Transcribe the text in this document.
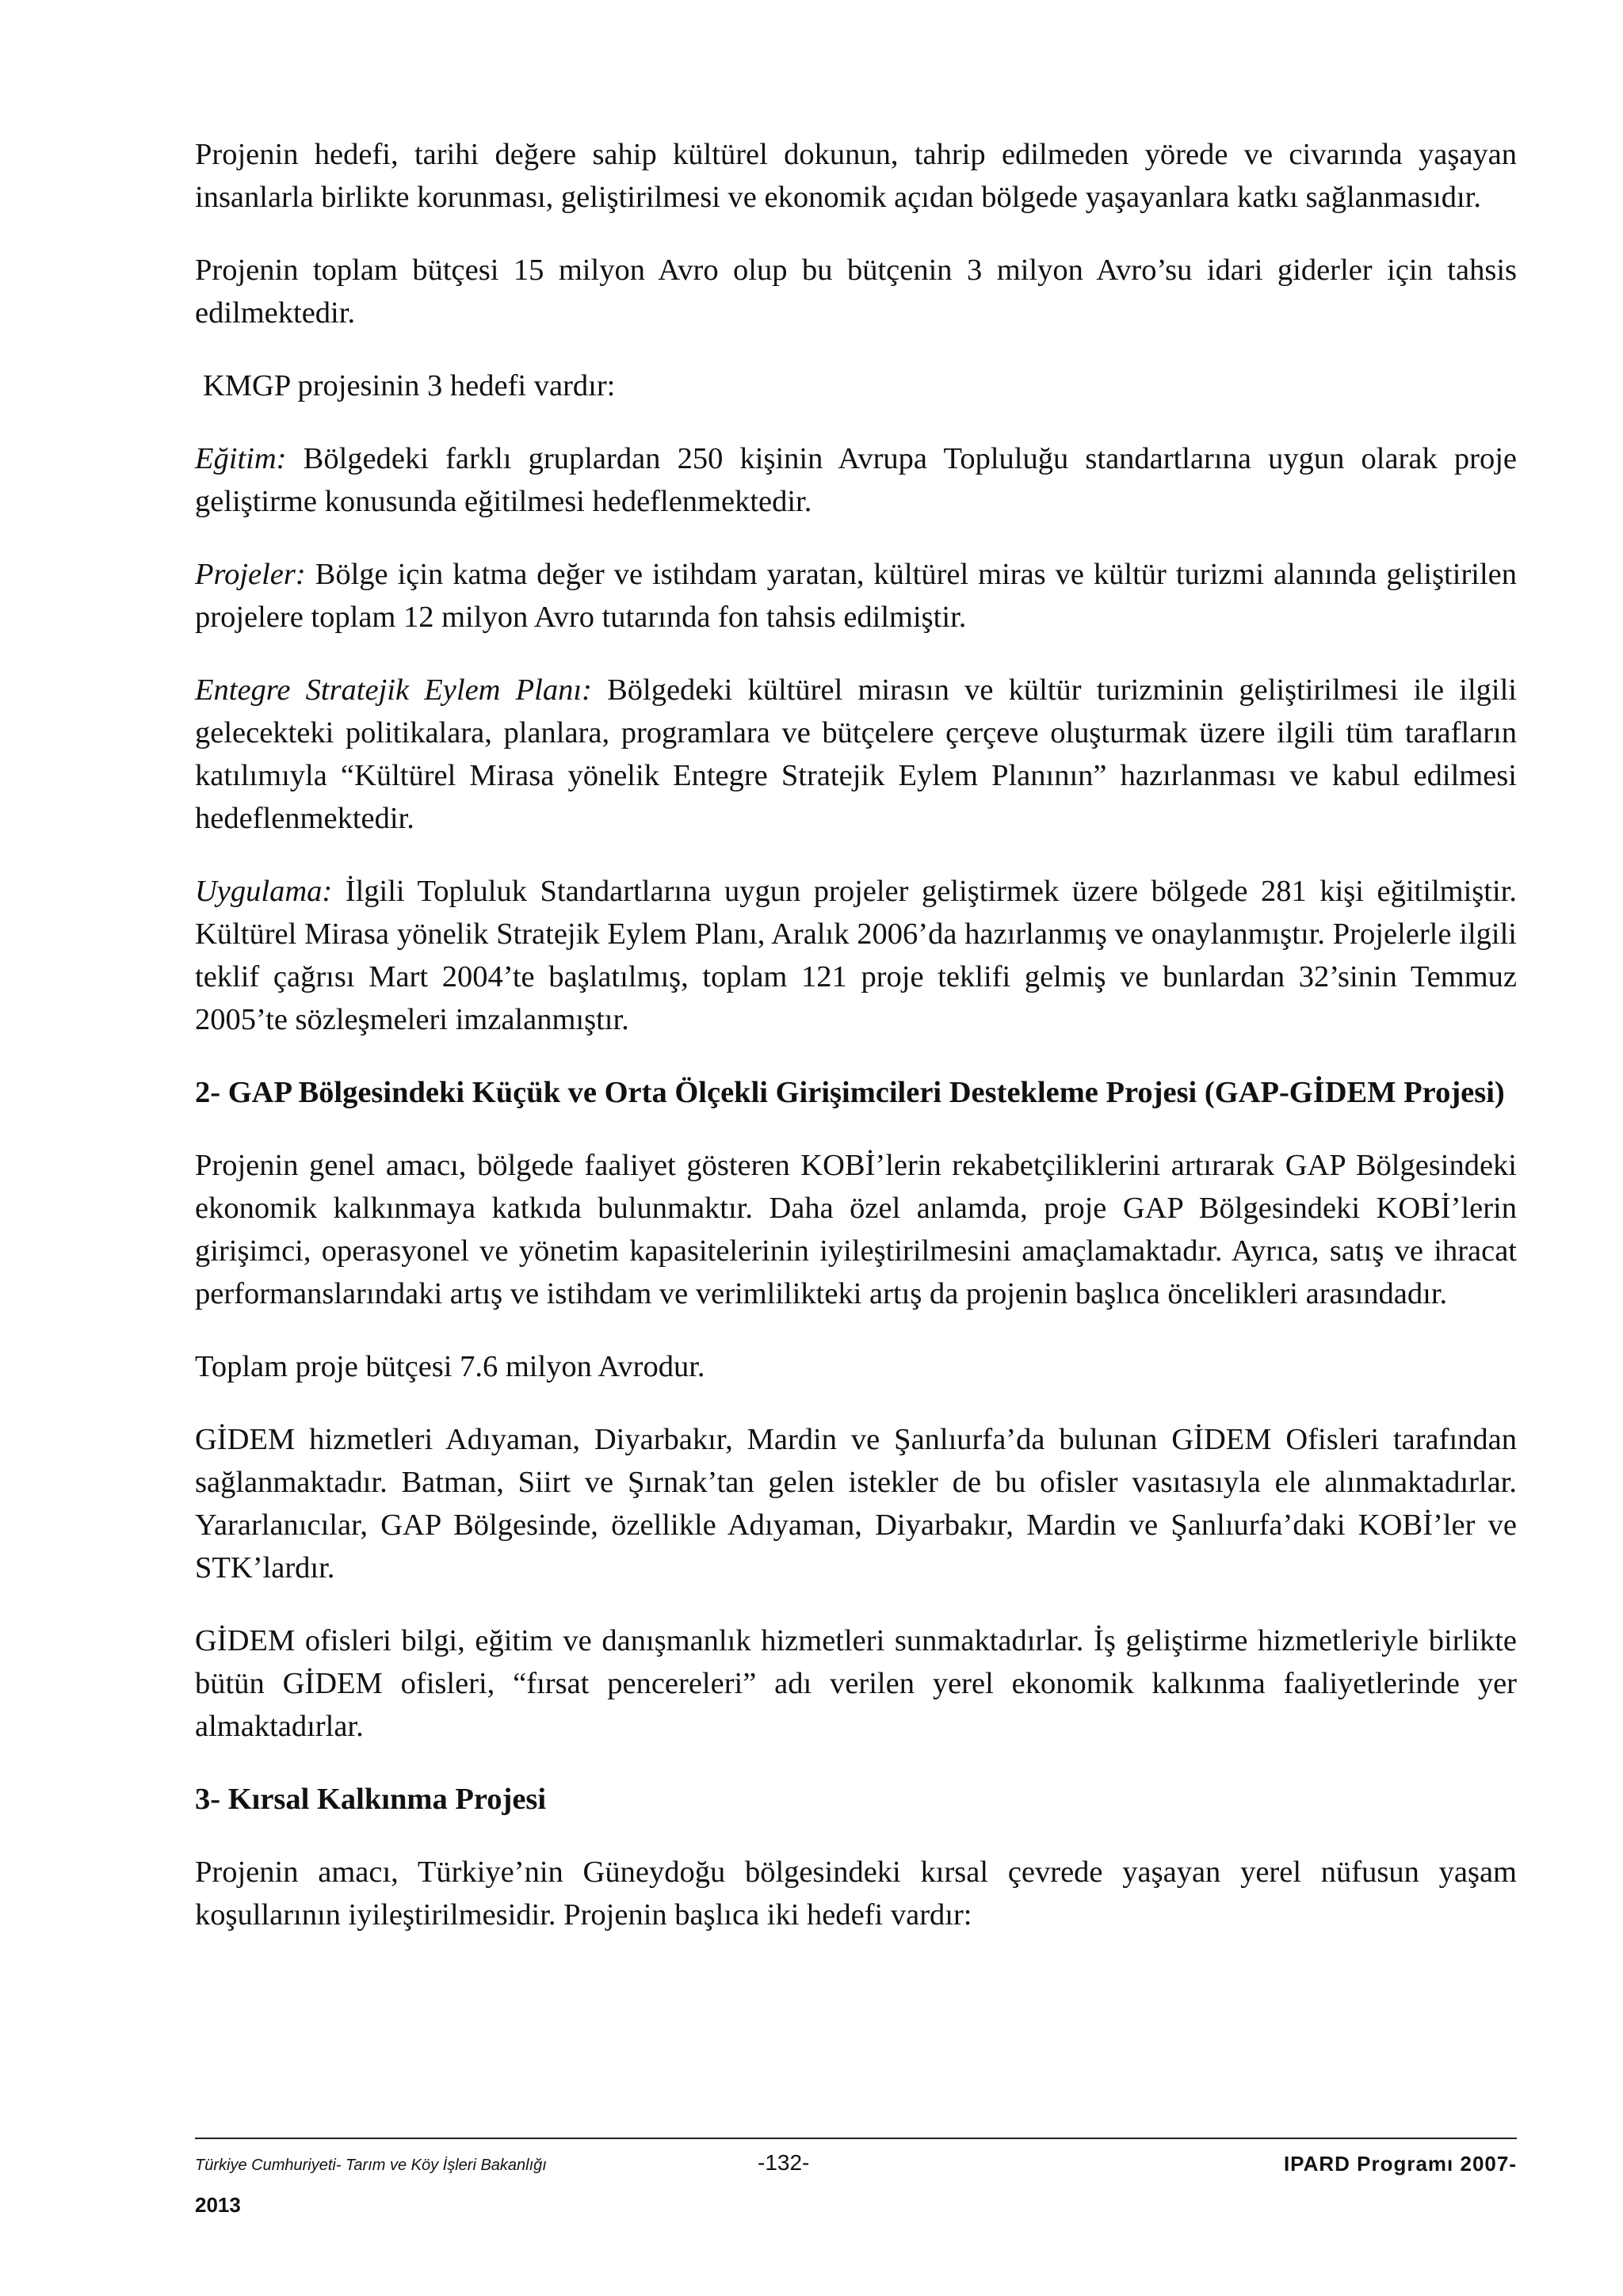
Projenin hedefi, tarihi değere sahip kültürel dokunun, tahrip edilmeden yörede ve civarında yaşayan insanlarla birlikte korunması, geliştirilmesi ve ekonomik açıdan bölgede yaşayanlara katkı sağlanmasıdır.

Projenin toplam bütçesi 15 milyon Avro olup bu bütçenin 3 milyon Avro’su idari giderler için tahsis edilmektedir.

KMGP projesinin 3 hedefi vardır:

Eğitim: Bölgedeki farklı gruplardan 250 kişinin Avrupa Topluluğu standartlarına uygun olarak proje geliştirme konusunda eğitilmesi hedeflenmektedir.

Projeler: Bölge için katma değer ve istihdam yaratan, kültürel miras ve kültür turizmi alanında geliştirilen projelere toplam 12 milyon Avro tutarında fon tahsis edilmiştir.

Entegre Stratejik Eylem Planı: Bölgedeki kültürel mirasın ve kültür turizminin geliştirilmesi ile ilgili gelecekteki politikalara, planlara, programlara ve bütçelere çerçeve oluşturmak üzere ilgili tüm tarafların katılımıyla “Kültürel Mirasa yönelik Entegre Stratejik Eylem Planının” hazırlanması ve kabul edilmesi hedeflenmektedir.

Uygulama: İlgili Topluluk Standartlarına uygun projeler geliştirmek üzere bölgede 281 kişi eğitilmiştir. Kültürel Mirasa yönelik Stratejik Eylem Planı, Aralık 2006’da hazırlanmış ve onaylanmıştır. Projelerle ilgili teklif çağrısı Mart 2004’te başlatılmış, toplam 121 proje teklifi gelmiş ve bunlardan 32’sinin Temmuz 2005’te sözleşmeleri imzalanmıştır.

2- GAP Bölgesindeki Küçük ve Orta Ölçekli Girişimcileri Destekleme Projesi (GAP-GİDEM Projesi)

Projenin genel amacı, bölgede faaliyet gösteren KOBİ’lerin rekabetçiliklerini artırarak GAP Bölgesindeki ekonomik kalkınmaya katkıda bulunmaktır. Daha özel anlamda, proje GAP Bölgesindeki KOBİ’lerin girişimci, operasyonel ve yönetim kapasitelerinin iyileştirilmesini amaçlamaktadır. Ayrıca, satış ve ihracat performanslarındaki artış ve istihdam ve verimlilikteki artış da projenin başlıca öncelikleri arasındadır.

Toplam proje bütçesi 7.6 milyon Avrodur.

GİDEM hizmetleri Adıyaman, Diyarbakır, Mardin ve Şanlıurfa’da bulunan GİDEM Ofisleri tarafından sağlanmaktadır. Batman, Siirt ve Şırnak’tan gelen istekler de bu ofisler vasıtasıyla ele alınmaktadırlar. Yararlanıcılar, GAP Bölgesinde, özellikle Adıyaman, Diyarbakır, Mardin ve Şanlıurfa’daki KOBİ’ler ve STK’lardır.

GİDEM ofisleri bilgi, eğitim ve danışmanlık hizmetleri sunmaktadırlar. İş geliştirme hizmetleriyle birlikte bütün GİDEM ofisleri, “fırsat pencereleri” adı verilen yerel ekonomik kalkınma faaliyetlerinde yer almaktadırlar.

3- Kırsal Kalkınma Projesi

Projenin amacı, Türkiye’nin Güneydoğu bölgesindeki kırsal çevrede yaşayan yerel nüfusun yaşam koşullarının iyileştirilmesidir. Projenin başlıca iki hedefi vardır:

Türkiye Cumhuriyeti- Tarım ve Köy İşleri Bakanlığı	-132-	IPARD Programı 2007-
2013
